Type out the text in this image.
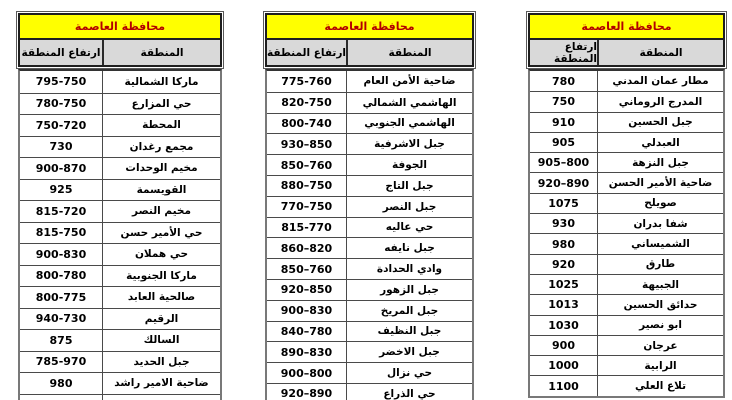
محافظة العاصمة
المنطقة
ارتفاع المنطقة
ماركا الشمالية
795-750
حي المزارع
780-750
المحطة
750-720
مجمع رغدان
730
مخيم الوحدات
900-870
القويسمة
925
مخيم النصر
815-720
حي الأمير حسن
815-750
حي هملان
900-830
ماركا الجنوبية
800-780
صالحية العابد
800-775
الرقيم
940-730
السالك
875
جبل الحديد
785-970
ضاحية الامير راشد
980
محافظة العاصمة
المنطقة
ارتفاع المنطقة
ضاحية الأمن العام
775-760
الهاشمي الشمالي
820-750
الهاشمي الجنوبي
800-740
جبل الاشرفية
930–850
الجوفة
850–760
جبل التاج
880–750
جبل النصر
770–750
حي عاليه
815-770
جبل نايفه
860–820
وادي الحدادة
850–760
جبل الزهور
920–850
جبل المريخ
900–830
جبل النظيف
840–780
جبل الاخضر
890–830
حي نزال
900–800
حي الذراع
920–890
محافظة العاصمة
المنطقة
ارتفاع المنطقة
مطار عمان المدني
780
المدرج الروماني
750
جبل الحسين
910
العبدلي
905
جبل النزهة
905–800
ضاحية الأمير الحسن
920–890
صويلح
1075
شفا بدران
930
الشميساني
980
طارق
920
الجبيهة
1025
حدائق الحسين
1013
ابو نصير
1030
عرجان
900
الرابية
1000
تلاع العلي
1100
